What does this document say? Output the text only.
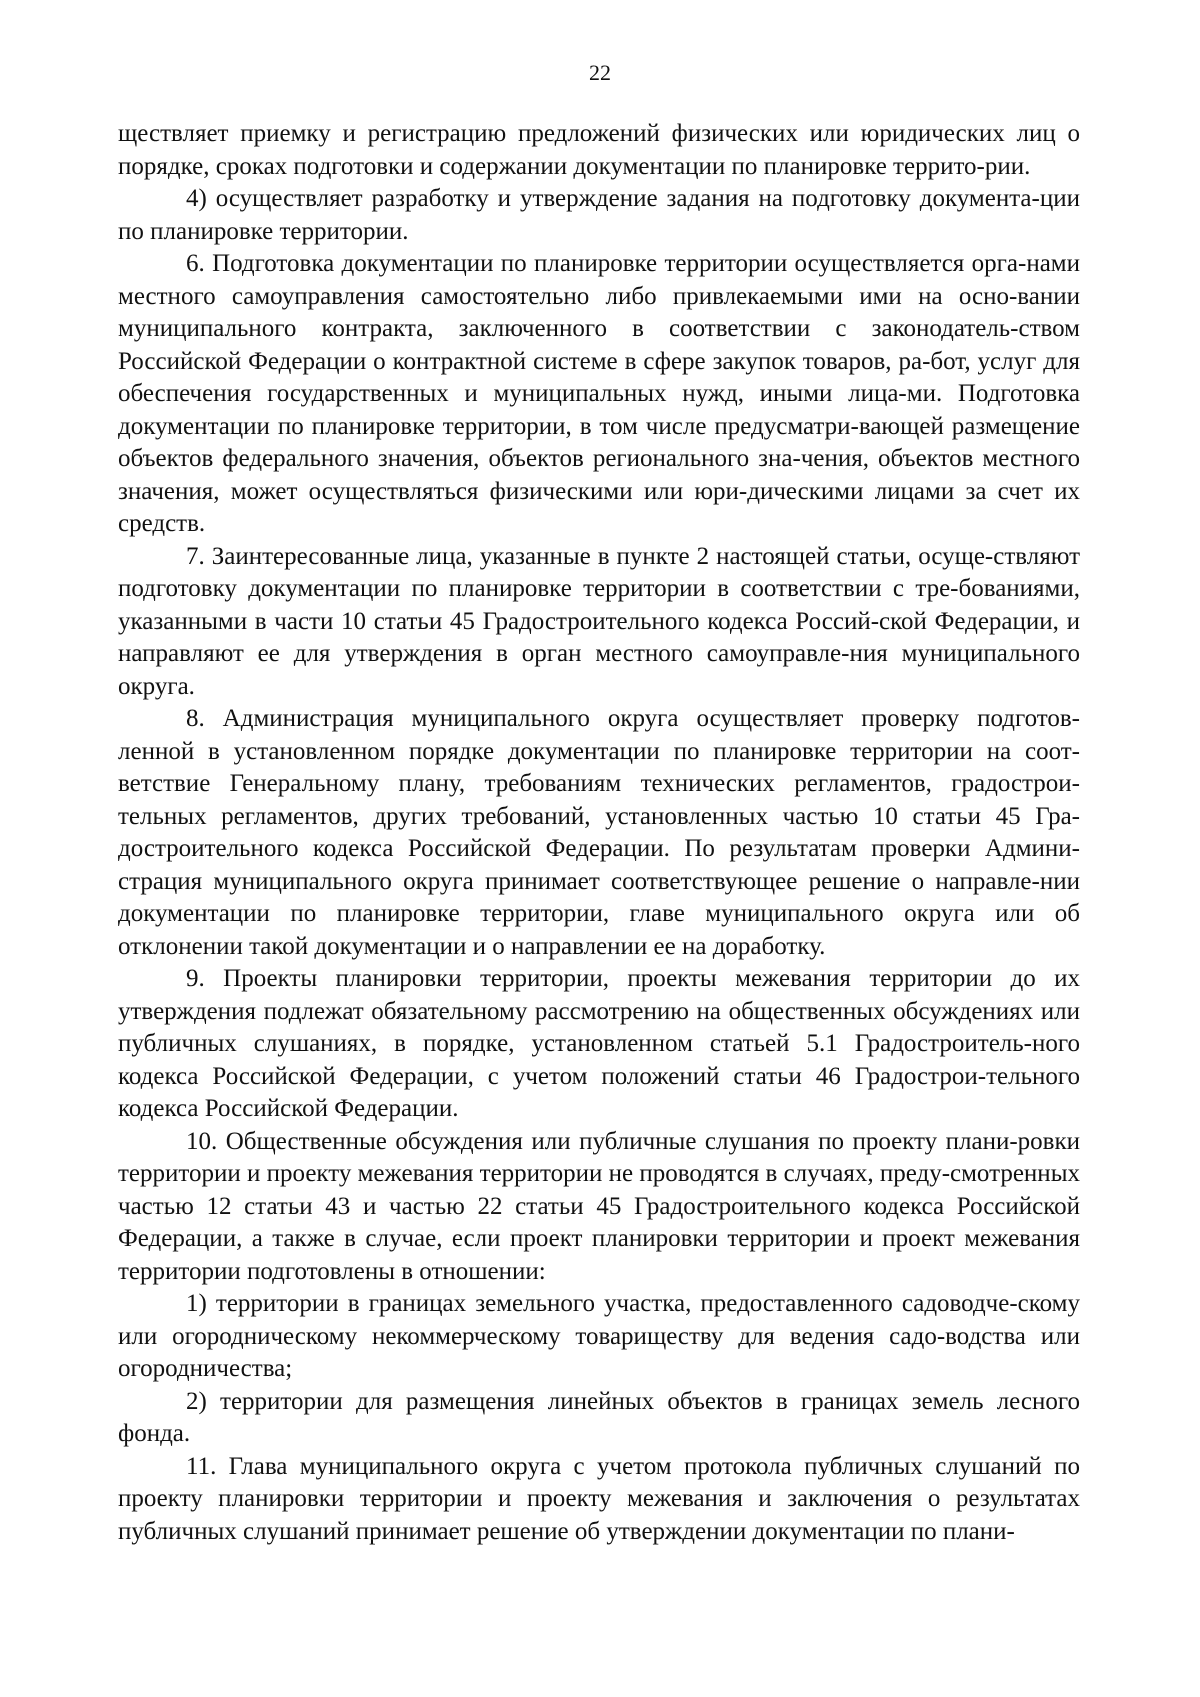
22

ществляет приемку и регистрацию предложений физических или юридических лиц о порядке, сроках подготовки и содержании документации по планировке террито-рии.

4) осуществляет разработку и утверждение задания на подготовку документа-ции по планировке территории.

6. Подготовка документации по планировке территории осуществляется орга-нами местного самоуправления самостоятельно либо привлекаемыми ими на осно-вании муниципального контракта, заключенного в соответствии с законодатель-ством Российской Федерации о контрактной системе в сфере закупок товаров, ра-бот, услуг для обеспечения государственных и муниципальных нужд, иными лица-ми. Подготовка документации по планировке территории, в том числе предусматри-вающей размещение объектов федерального значения, объектов регионального зна-чения, объектов местного значения, может осуществляться физическими или юри-дическими лицами за счет их средств.

7. Заинтересованные лица, указанные в пункте 2 настоящей статьи, осуще-ствляют подготовку документации по планировке территории в соответствии с тре-бованиями, указанными в части 10 статьи 45 Градостроительного кодекса Россий-ской Федерации, и направляют ее для утверждения в орган местного самоуправле-ния муниципального округа.

8. Администрация муниципального округа осуществляет проверку подготов-ленной в установленном порядке документации по планировке территории на соот-ветствие Генеральному плану, требованиям технических регламентов, градострои-тельных регламентов, других требований, установленных частью 10 статьи 45 Гра-достроительного кодекса Российской Федерации. По результатам проверки Админи-страция муниципального округа принимает соответствующее решение о направле-нии документации по планировке территории, главе муниципального округа или об отклонении такой документации и о направлении ее на доработку.

9. Проекты планировки территории, проекты межевания территории до их утверждения подлежат обязательному рассмотрению на общественных обсуждениях или публичных слушаниях, в порядке, установленном статьей 5.1 Градостроитель-ного кодекса Российской Федерации, с учетом положений статьи 46 Градострои-тельного кодекса Российской Федерации.

10. Общественные обсуждения или публичные слушания по проекту плани-ровки территории и проекту межевания территории не проводятся в случаях, преду-смотренных частью 12 статьи 43 и частью 22 статьи 45 Градостроительного кодекса Российской Федерации, а также в случае, если проект планировки территории и проект межевания территории подготовлены в отношении:

1) территории в границах земельного участка, предоставленного садоводче-скому или огородническому некоммерческому товариществу для ведения садо-водства или огородничества;

2) территории для размещения линейных объектов в границах земель лесного фонда.

11. Глава муниципального округа с учетом протокола публичных слушаний по проекту планировки территории и проекту межевания и заключения о результатах публичных слушаний принимает решение об утверждении документации по плани-
